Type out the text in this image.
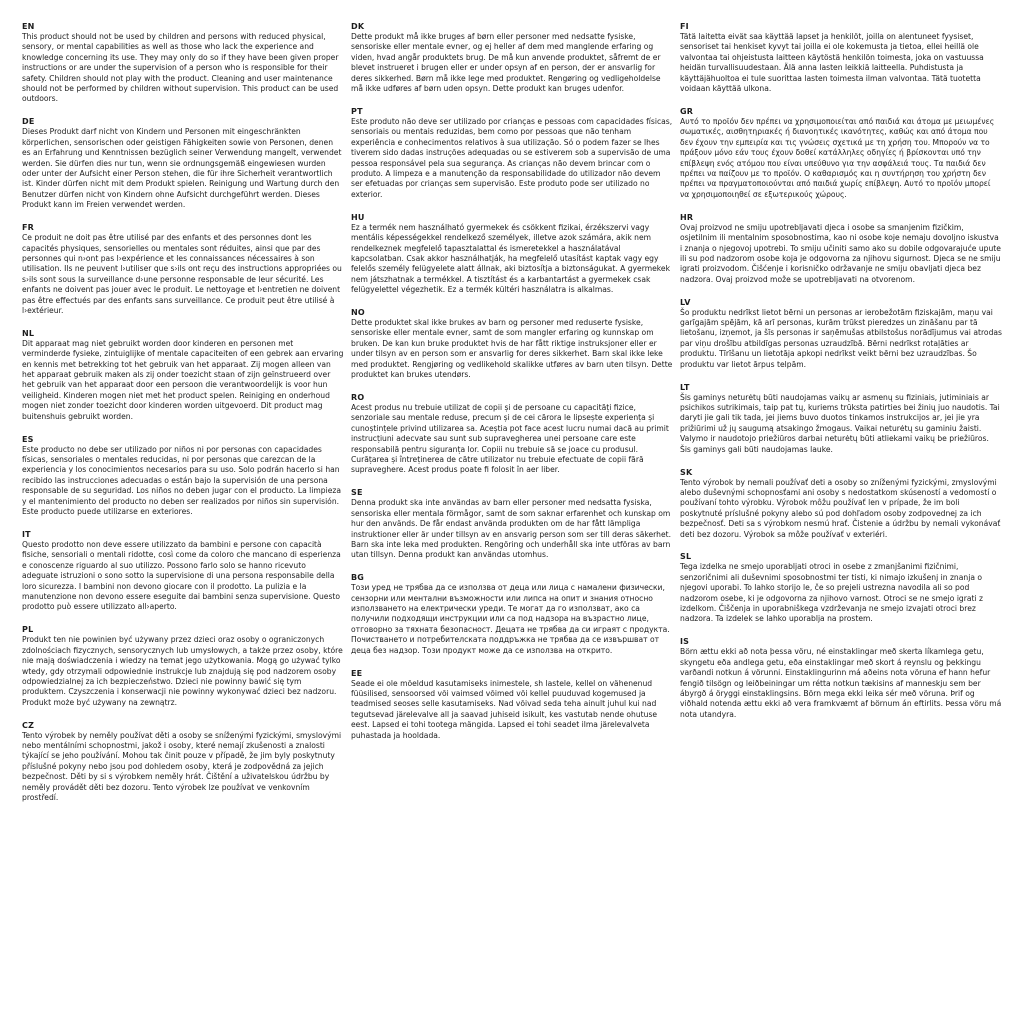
EN

This product should not be used by children and persons with reduced physical, sensory, or mental capabilities as well as those who lack the experience and knowledge concerning its use. They may only do so if they have been given proper instructions or are under the supervision of a person who is responsible for their safety. Children should not play with the product. Cleaning and user maintenance should not be performed by children without supervision. This product can be used outdoors.

DE

Dieses Produkt darf nicht von Kindern und Personen mit eingeschränkten körperlichen, sensorischen oder geistigen Fähigkeiten sowie von Personen, denen es an Erfahrung und Kenntnissen bezüglich seiner Verwendung mangelt, verwendet werden. Sie dürfen dies nur tun, wenn sie ordnungsgemäß eingewiesen wurden oder unter der Aufsicht einer Person stehen, die für ihre Sicherheit verantwortlich ist. Kinder dürfen nicht mit dem Produkt spielen. Reinigung und Wartung durch den Benutzer dürfen nicht von Kindern ohne Aufsicht durchgeführt werden. Dieses Produkt kann im Freien verwendet werden.

FR

Ce produit ne doit pas être utilisé par des enfants et des personnes dont les capacités physiques, sensorielles ou mentales sont réduites, ainsi que par des personnes qui n›ont pas l›expérience et les connaissances nécessaires à son utilisation. Ils ne peuvent l›utiliser que s›ils ont reçu des instructions appropriées ou s›ils sont sous la surveillance d›une personne responsable de leur sécurité. Les enfants ne doivent pas jouer avec le produit. Le nettoyage et l›entretien ne doivent pas être effectués par des enfants sans surveillance. Ce produit peut être utilisé à l›extérieur.

NL

Dit apparaat mag niet gebruikt worden door kinderen en personen met verminderde fysieke, zintuiglijke of mentale capaciteiten of een gebrek aan ervaring en kennis met betrekking tot het gebruik van het apparaat. Zij mogen alleen van het apparaat gebruik maken als zij onder toezicht staan of zijn geïnstrueerd over het gebruik van het apparaat door een persoon die verantwoordelijk is voor hun veiligheid. Kinderen mogen niet met het product spelen. Reiniging en onderhoud mogen niet zonder toezicht door kinderen worden uitgevoerd. Dit product mag buitenshuis gebruikt worden.

ES

Este producto no debe ser utilizado por niños ni por personas con capacidades físicas, sensoriales o mentales reducidas, ni por personas que carezcan de la experiencia y los conocimientos necesarios para su uso. Solo podrán hacerlo si han recibido las instrucciones adecuadas o están bajo la supervisión de una persona responsable de su seguridad. Los niños no deben jugar con el producto. La limpieza y el mantenimiento del producto no deben ser realizados por niños sin supervisión. Este producto puede utilizarse en exteriores.

IT

Questo prodotto non deve essere utilizzato da bambini e persone con capacità fisiche, sensoriali o mentali ridotte, così come da coloro che mancano di esperienza e conoscenze riguardo al suo utilizzo. Possono farlo solo se hanno ricevuto adeguate istruzioni o sono sotto la supervisione di una persona responsabile della loro sicurezza. I bambini non devono giocare con il prodotto. La pulizia e la manutenzione non devono essere eseguite dai bambini senza supervisione. Questo prodotto può essere utilizzato all›aperto.

PL

Produkt ten nie powinien być używany przez dzieci oraz osoby o ograniczonych zdolnościach fizycznych, sensorycznych lub umysłowych, a także przez osoby, które nie mają doświadczenia i wiedzy na temat jego użytkowania. Mogą go używać tylko wtedy, gdy otrzymali odpowiednie instrukcje lub znajdują się pod nadzorem osoby odpowiedzialnej za ich bezpieczeństwo. Dzieci nie powinny bawić się tym produktem. Czyszczenia i konserwacji nie powinny wykonywać dzieci bez nadzoru. Produkt może być używany na zewnątrz.

CZ

Tento výrobek by neměly používat děti a osoby se sníženými fyzickými, smyslovými nebo mentálními schopnostmi, jakož i osoby, které nemají zkušenosti a znalosti týkající se jeho používání. Mohou tak činit pouze v případě, že jim byly poskytnuty příslušné pokyny nebo jsou pod dohledem osoby, která je zodpovědná za jejich bezpečnost. Děti by si s výrobkem neměly hrát. Čištění a uživatelskou údržbu by neměly provádět děti bez dozoru. Tento výrobek lze používat ve venkovním prostředí.

DK

Dette produkt må ikke bruges af børn eller personer med nedsatte fysiske, sensoriske eller mentale evner, og ej heller af dem med manglende erfaring og viden, hvad angår produktets brug. De må kun anvende produktet, såfremt de er blevet instrueret i brugen eller er under opsyn af en person, der er ansvarlig for deres sikkerhed. Børn må ikke lege med produktet. Rengøring og vedligeholdelse må ikke udføres af børn uden opsyn. Dette produkt kan bruges udenfor.

PT

Este produto não deve ser utilizado por crianças e pessoas com capacidades físicas, sensoriais ou mentais reduzidas, bem como por pessoas que não tenham experiência e conhecimentos relativos à sua utilização. Só o podem fazer se lhes tiverem sido dadas instruções adequadas ou se estiverem sob a supervisão de uma pessoa responsável pela sua segurança. As crianças não devem brincar com o produto. A limpeza e a manutenção da responsabilidade do utilizador não devem ser efetuadas por crianças sem supervisão. Este produto pode ser utilizado no exterior.

HU

Ez a termék nem használható gyermekek és csökkent fizikai, érzékszervi vagy mentális képességekkel rendelkező személyek, illetve azok számára, akik nem rendelkeznek megfelelő tapasztalattal és ismeretekkel a használatával kapcsolatban. Csak akkor használhatják, ha megfelelő utasítást kaptak vagy egy felelős személy felügyelete alatt állnak, aki biztosítja a biztonságukat. A gyermekek nem játszhatnak a termékkel. A tisztítást és a karbantartást a gyermekek csak felügyelettel végezhetik. Ez a termék kültéri használatra is alkalmas.

NO

Dette produktet skal ikke brukes av barn og personer med reduserte fysiske, sensoriske eller mentale evner, samt de som mangler erfaring og kunnskap om bruken. De kan kun bruke produktet hvis de har fått riktige instruksjoner eller er under tilsyn av en person som er ansvarlig for deres sikkerhet. Barn skal ikke leke med produktet. Rengjøring og vedlikehold skalikke utføres av barn uten tilsyn. Dette produktet kan brukes utendørs.

RO

Acest produs nu trebuie utilizat de copii și de persoane cu capacități fizice, senzoriale sau mentale reduse, precum și de cei cărora le lipsește experiența și cunoștințele privind utilizarea sa. Aceștia pot face acest lucru numai dacă au primit instrucțiuni adecvate sau sunt sub supravegherea unei persoane care este responsabilă pentru siguranța lor. Copiii nu trebuie să se joace cu produsul. Curățarea și întreținerea de către utilizator nu trebuie efectuate de copii fără supraveghere. Acest produs poate fi folosit în aer liber.

SE

Denna produkt ska inte användas av barn eller personer med nedsatta fysiska, sensoriska eller mentala förmågor, samt de som saknar erfarenhet och kunskap om hur den används. De får endast använda produkten om de har fått lämpliga instruktioner eller är under tillsyn av en ansvarig person som ser till deras säkerhet. Barn ska inte leka med produkten. Rengöring och underhåll ska inte utföras av barn utan tillsyn. Denna produkt kan användas utomhus.

BG

Този уред не трябва да се използва от деца или лица с намалени физически, сензорни или ментални възможности или липса на опит и знания относно използването на електрически уреди. Те могат да го използват, ако са получили подходящи инструкции или са под надзора на възрастно лице, отговорно за тяхната безопасност. Децата не трябва да си играят с продукта. Почистването и потребителската поддръжка не трябва да се извършват от деца без надзор. Този продукт може да се използва на открито.

EE

Seade ei ole mõeldud kasutamiseks inimestele, sh lastele, kellel on vähenenud füüsilised, sensoorsed või vaimsed võimed või kellel puuduvad kogemused ja teadmised seoses selle kasutamiseks. Nad võivad seda teha ainult juhul kui nad tegutsevad järelevalve all ja saavad juhiseid isikult, kes vastutab nende ohutuse eest. Lapsed ei tohi tootega mängida. Lapsed ei tohi seadet ilma järelevalveta puhastada ja hooldada.

FI

Tätä laitetta eivät saa käyttää lapset ja henkilöt, joilla on alentuneet fyysiset, sensoriset tai henkiset kyvyt tai joilla ei ole kokemusta ja tietoa, ellei heillä ole valvontaa tai ohjeistusta laitteen käytöstä henkilön toimesta, joka on vastuussa heidän turvallisuudestaan. Älä anna lasten leikkiä laitteella. Puhdistusta ja käyttäjähuoltoa ei tule suorittaa lasten toimesta ilman valvontaa. Tätä tuotetta voidaan käyttää ulkona.

GR

Αυτό το προϊόν δεν πρέπει να χρησιμοποιείται από παιδιά και άτομα με μειωμένες σωματικές, αισθητηριακές ή διανοητικές ικανότητες, καθώς και από άτομα που δεν έχουν την εμπειρία και τις γνώσεις σχετικά με τη χρήση του. Μπορούν να το πράξουν μόνο εάν τους έχουν δοθεί κατάλληλες οδηγίες ή βρίσκονται υπό την επίβλεψη ενός ατόμου που είναι υπεύθυνο για την ασφάλειά τους. Τα παιδιά δεν πρέπει να παίζουν με το προϊόν. Ο καθαρισμός και η συντήρηση του χρήστη δεν πρέπει να πραγματοποιούνται από παιδιά χωρίς επίβλεψη. Αυτό το προϊόν μπορεί να χρησιμοποιηθεί σε εξωτερικούς χώρους.

HR

Ovaj proizvod ne smiju upotrebljavati djeca i osobe sa smanjenim fizičkim, osjetilnim ili mentalnim sposobnostima, kao ni osobe koje nemaju dovoljno iskustva i znanja o njegovoj upotrebi. To smiju učiniti samo ako su dobile odgovarajuće upute ili su pod nadzorom osobe koja je odgovorna za njihovu sigurnost. Djeca se ne smiju igrati proizvodom. Čišćenje i korisničko održavanje ne smiju obavljati djeca bez nadzora. Ovaj proizvod može se upotrebljavati na otvorenom.

LV

Šo produktu nedrīkst lietot bērni un personas ar ierobežotām fiziskajām, maņu vai garīgajām spējām, kā arī personas, kurām trūkst pieredzes un zināšanu par tā lietošanu, izņemot, ja šīs personas ir saņēmušas atbilstošus norādījumus vai atrodas par viņu drošību atbildīgas personas uzraudzībā. Bērni nedrīkst rotaļāties ar produktu. Tīrīšanu un lietotāja apkopi nedrīkst veikt bērni bez uzraudzības. Šo produktu var lietot ārpus telpām.

LT

Šis gaminys neturėtų būti naudojamas vaikų ar asmenų su fiziniais, jutiminiais ar psichikos sutrikimais, taip pat tų, kuriems trūksta patirties bei žinių juo naudotis. Tai daryti jie gali tik tada, jei jiems buvo duotos tinkamos instrukcijos ar, jei jie yra prižiūrimi už jų saugumą atsakingo žmogaus. Vaikai neturėtų su gaminiu žaisti. Valymo ir naudotojo priežiūros darbai neturėtų būti atliekami vaikų be priežiūros. Šis gaminys gali būti naudojamas lauke.

SK

Tento výrobok by nemali používať deti a osoby so zníženými fyzickými, zmyslovými alebo duševnými schopnosťami ani osoby s nedostatkom skúseností a vedomostí o používaní tohto výrobku. Výrobok môžu používať len v prípade, že im boli poskytnuté príslušné pokyny alebo sú pod dohľadom osoby zodpovednej za ich bezpečnosť. Deti sa s výrobkom nesmú hrať. Čistenie a údržbu by nemali vykonávať deti bez dozoru. Výrobok sa môže používať v exteriéri.

SL

Tega izdelka ne smejo uporabljati otroci in osebe z zmanjšanimi fizičnimi, senzoričnimi ali duševnimi sposobnostmi ter tisti, ki nimajo izkušenj in znanja o njegovi uporabi. To lahko storijo le, če so prejeli ustrezna navodila ali so pod nadzorom osebe, ki je odgovorna za njihovo varnost. Otroci se ne smejo igrati z izdelkom. Čiščenja in uporabniškega vzdrževanja ne smejo izvajati otroci brez nadzora. Ta izdelek se lahko uporablja na prostem.

IS

Börn ættu ekki að nota þessa vöru, né einstaklingar með skerta líkamlega getu, skyngetu eða andlega getu, eða einstaklingar með skort á reynslu og þekkingu varðandi notkun á vörunni. Einstaklingurinn má aðeins nota vöruna ef hann hefur fengið tilsögn og leiðbeiningar um rétta notkun tækisins af manneskju sem ber ábyrgð á öryggi einstaklingsins. Börn mega ekki leika sér með vöruna. Þrif og viðhald notenda ættu ekki að vera framkvæmt af börnum án eftirlits. Þessa vöru má nota utandyra.
